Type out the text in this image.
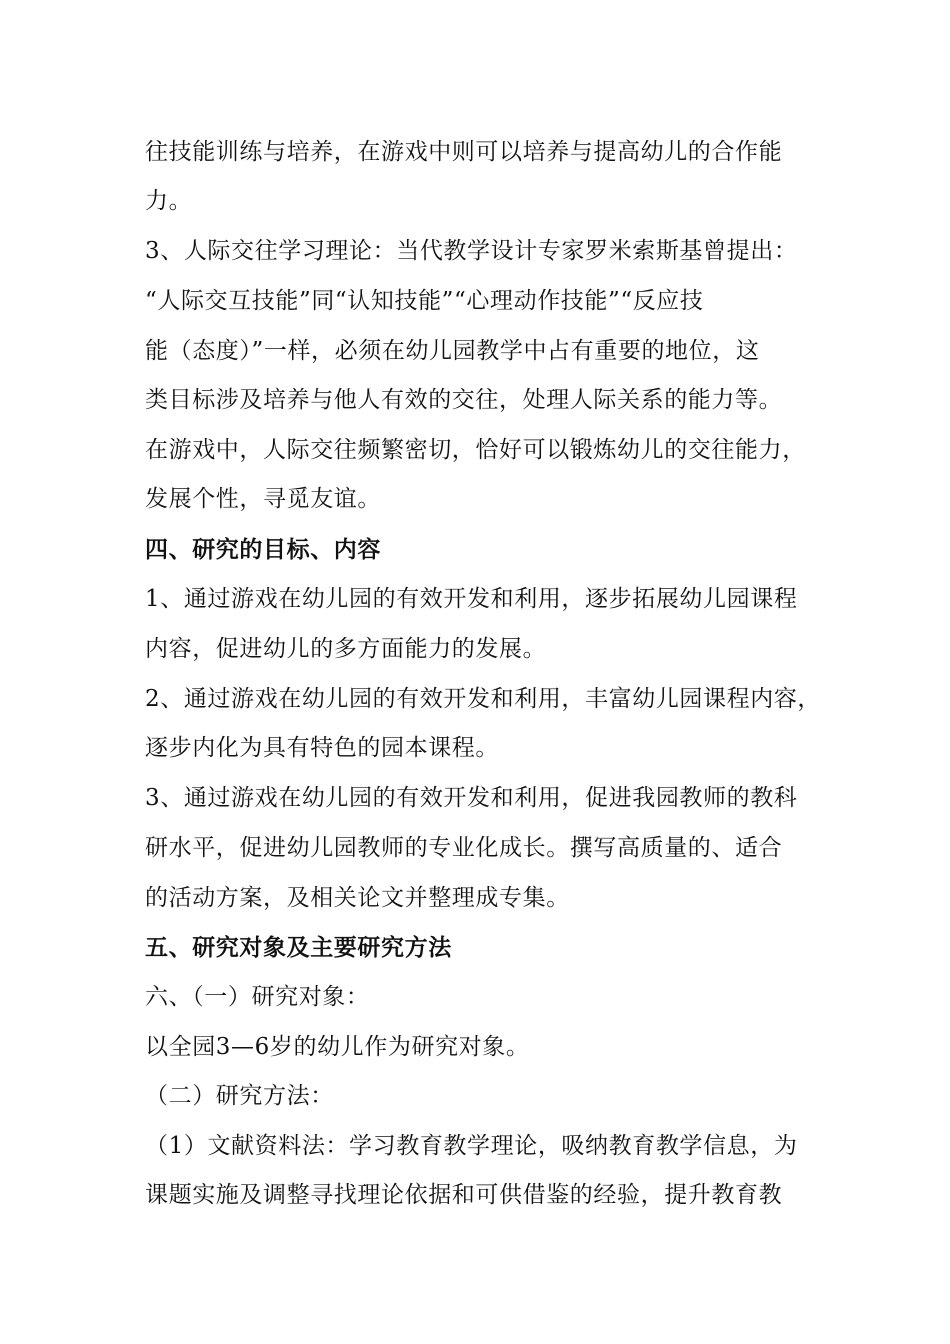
往技能训练与培养，在游戏中则可以培养与提高幼儿的合作能
力。
3、人际交往学习理论：当代教学设计专家罗米索斯基曾提出：
“人际交互技能”同“认知技能”“心理动作技能”“反应技
能（态度）”一样，必须在幼儿园教学中占有重要的地位，这
类目标涉及培养与他人有效的交往，处理人际关系的能力等。
在游戏中，人际交往频繁密切，恰好可以锻炼幼儿的交往能力，
发展个性，寻觅友谊。
四、研究的目标、内容
1、通过游戏在幼儿园的有效开发和利用，逐步拓展幼儿园课程
内容，促进幼儿的多方面能力的发展。
2、通过游戏在幼儿园的有效开发和利用，丰富幼儿园课程内容，
逐步内化为具有特色的园本课程。
3、通过游戏在幼儿园的有效开发和利用，促进我园教师的教科
研水平，促进幼儿园教师的专业化成长。撰写高质量的、适合
的活动方案，及相关论文并整理成专集。
五、研究对象及主要研究方法
六、（一）研究对象：
以全园3—6岁的幼儿作为研究对象。
（二）研究方法：
（1）文献资料法：学习教育教学理论，吸纳教育教学信息，为
课题实施及调整寻找理论依据和可供借鉴的经验，提升教育教
